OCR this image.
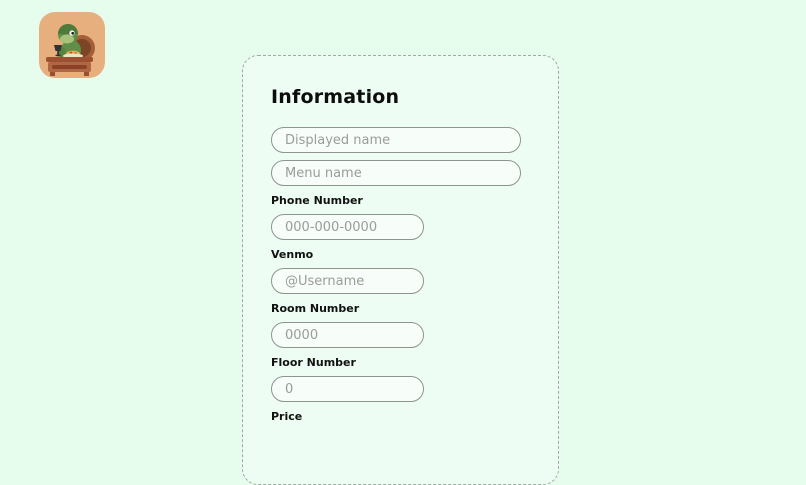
Information
Displayed name
Menu name
Phone Number
000-000-0000
Venmo
@Username
Room Number
0000
Floor Number
0
Price
